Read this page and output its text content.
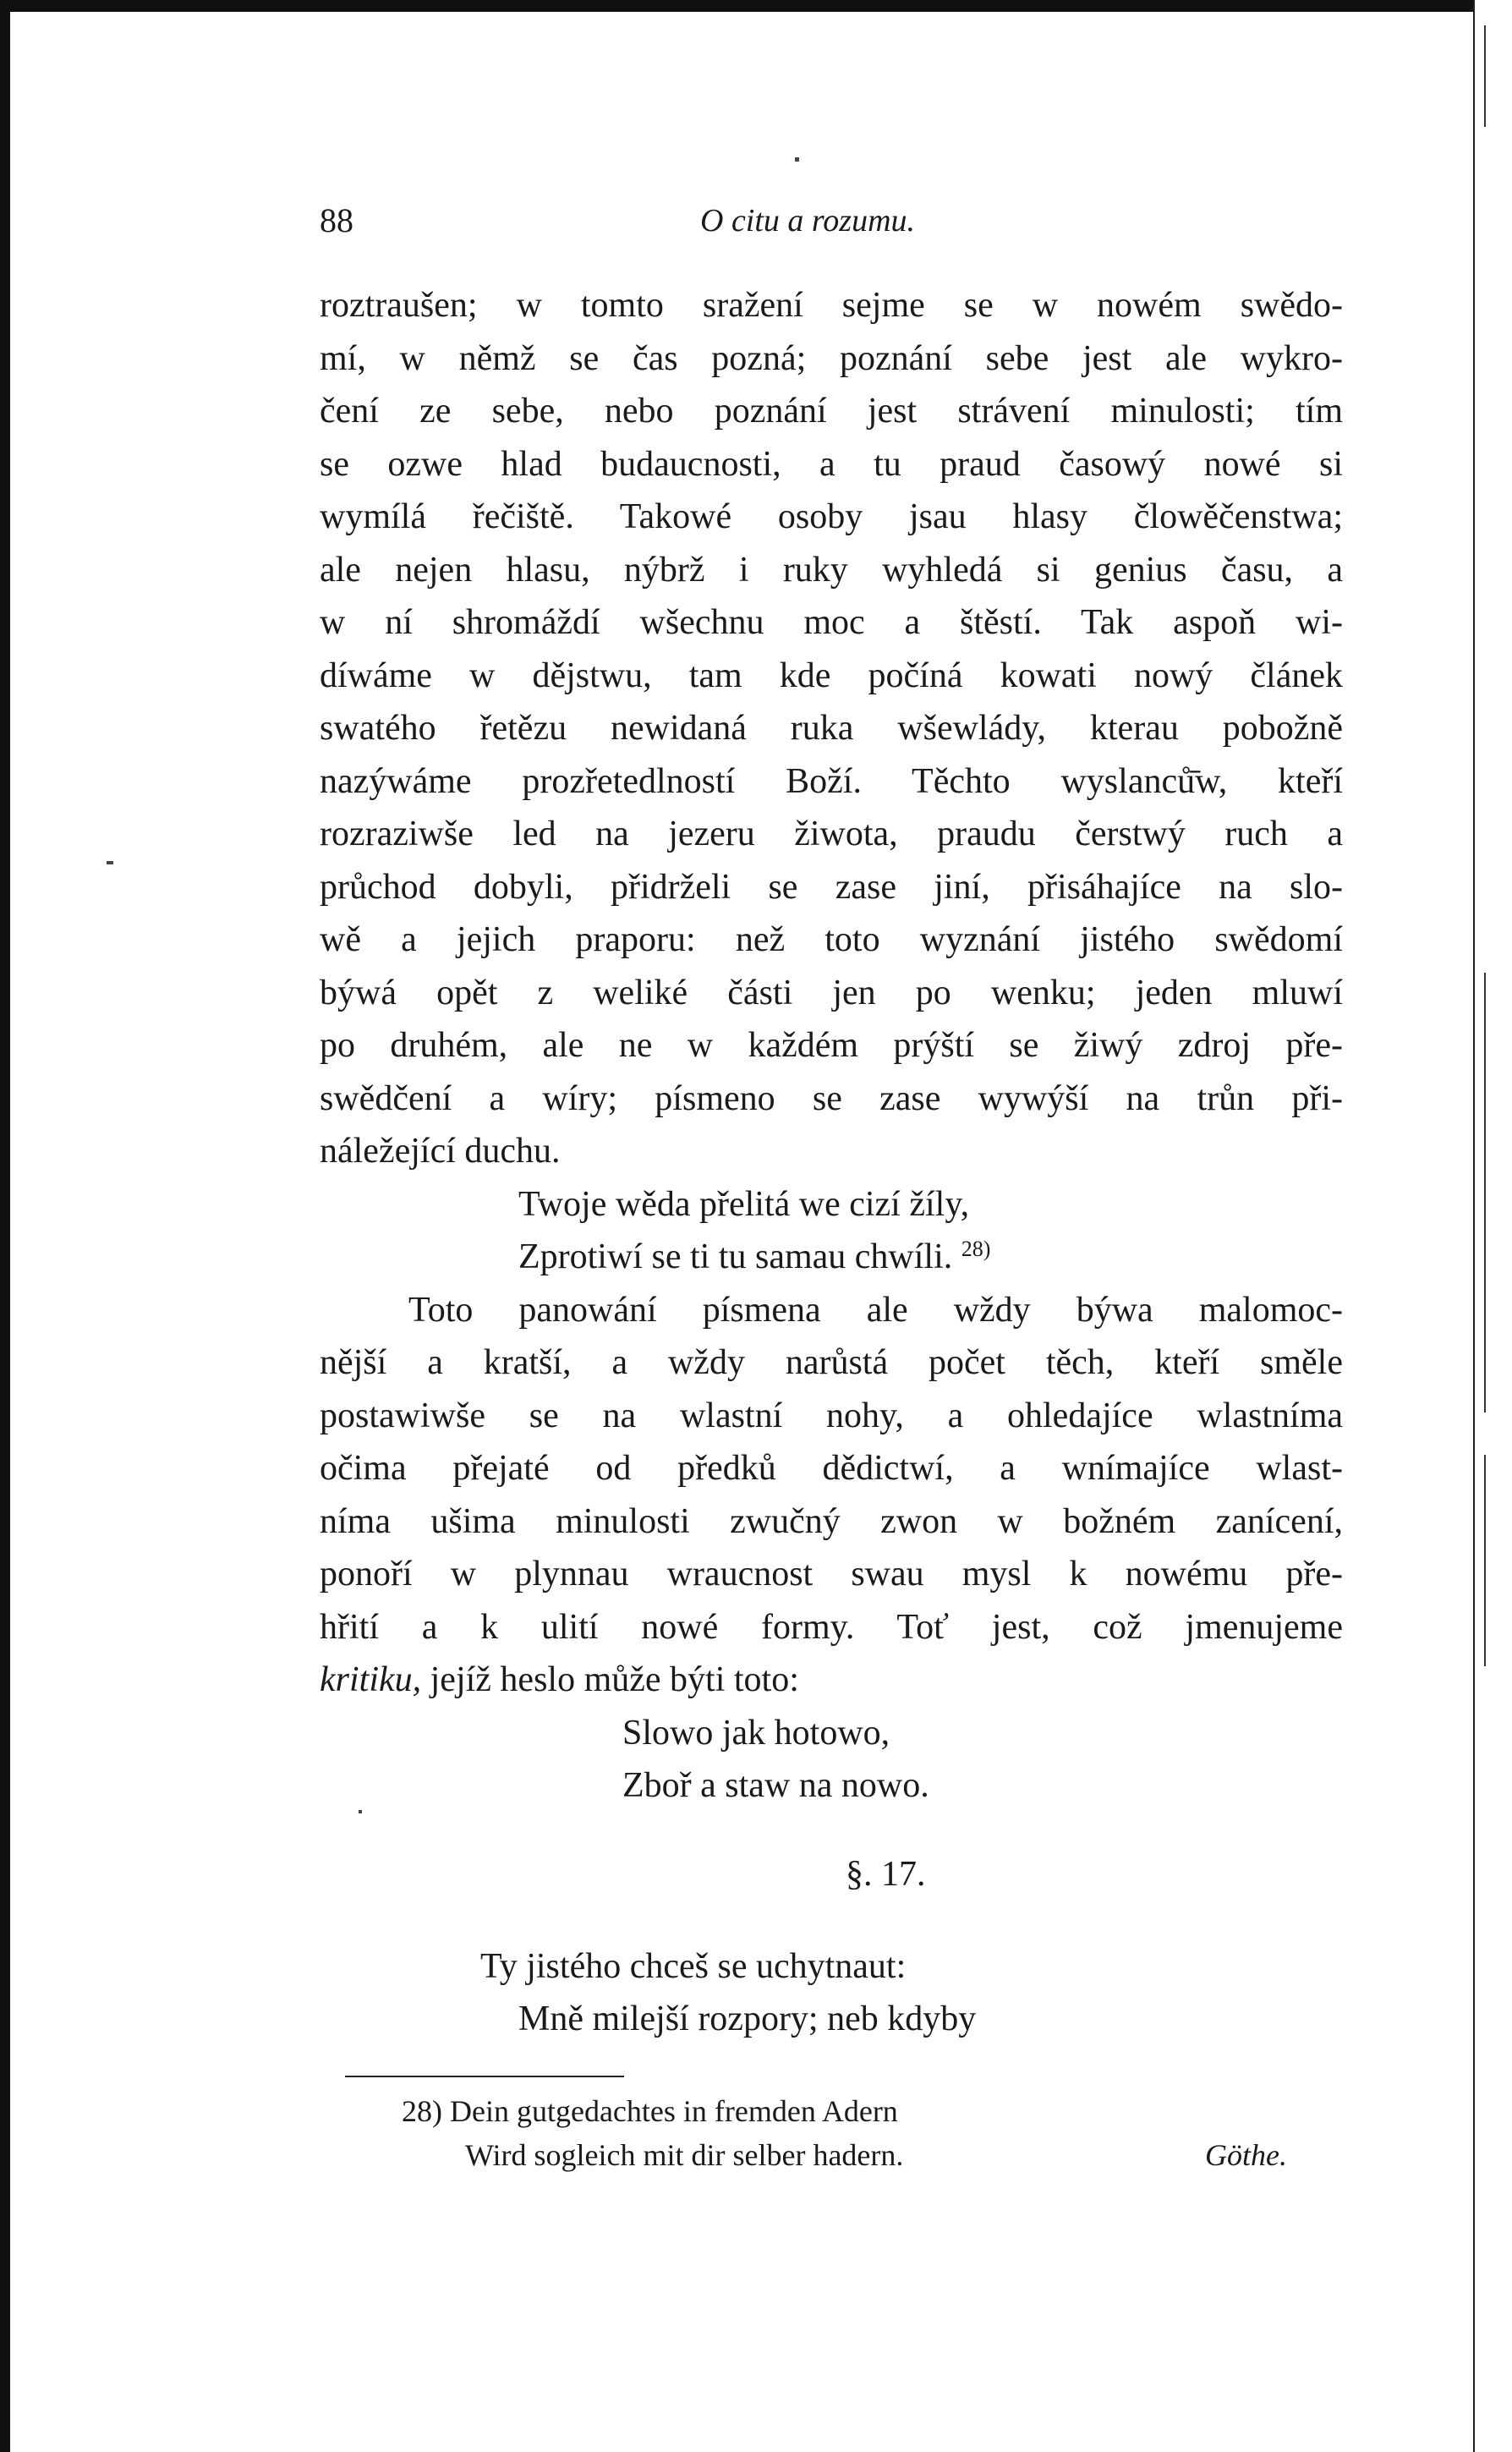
88	O citu a rozumu.
roztraušen; w tomto sražení sejme se w nowém swědo-
mí, w němž se čas pozná; poznání sebe jest ale wykro-
čení ze sebe, nebo poznání jest strávení minulosti; tím
se ozwe hlad budaucnosti, a tu praud časowý nowé si
wymílá řečiště. Takowé osoby jsau hlasy člowěčenstwa;
ale nejen hlasu, nýbrž i ruky wyhledá si genius času, a
w ní shromáždí wšechnu moc a štěstí. Tak aspoň wi-
díwáme w dějstwu, tam kde počíná kowati nowý článek
swatého řetězu newidaná ruka wšewlády, kterau pobožně
nazýwáme prozřetedlností Boží. Těchto wyslanců̄w, kteří
rozraziwše led na jezeru žiwota, praudu čerstwý ruch a
průchod dobyli, přidrželi se zase jiní, přisáhajíce na slo-
wě a jejich praporu: než toto wyznání jistého swědomí
býwá opět z weliké části jen po wenku; jeden mluwí
po druhém, ale ne w každém prýští se žiwý zdroj pře-
swědčení a wíry; písmeno se zase wywýší na trůn při-
náležející duchu.
Twoje wěda přelitá we cizí žíly,
Zprotiwí se ti tu samau chwíli. $^{28)}$
Toto panowání písmena ale wždy býwa malomoc-
nější a kratší, a wždy narůstá počet těch, kteří směle
postawiwše se na wlastní nohy, a ohledajíce wlastníma
očima přejaté od předků dědictwí, a wnímajíce wlast-
níma ušima minulosti zwučný zwon w božném zanícení,
ponoří w plynnau wraucnost swau mysl k nowému pře-
hřití a k ulití nowé formy. Toť jest, což jmenujeme
kritiku, jejíž heslo může býti toto:
Slowo jak hotowo,
Zboř a staw na nowo.
§. 17.
Ty jistého chceš se uchytnaut:
Mně milejší rozpory; neb kdyby
28) Dein gutgedachtes in fremden Adern
Wird sogleich mit dir selber hadern.	Göthe.
